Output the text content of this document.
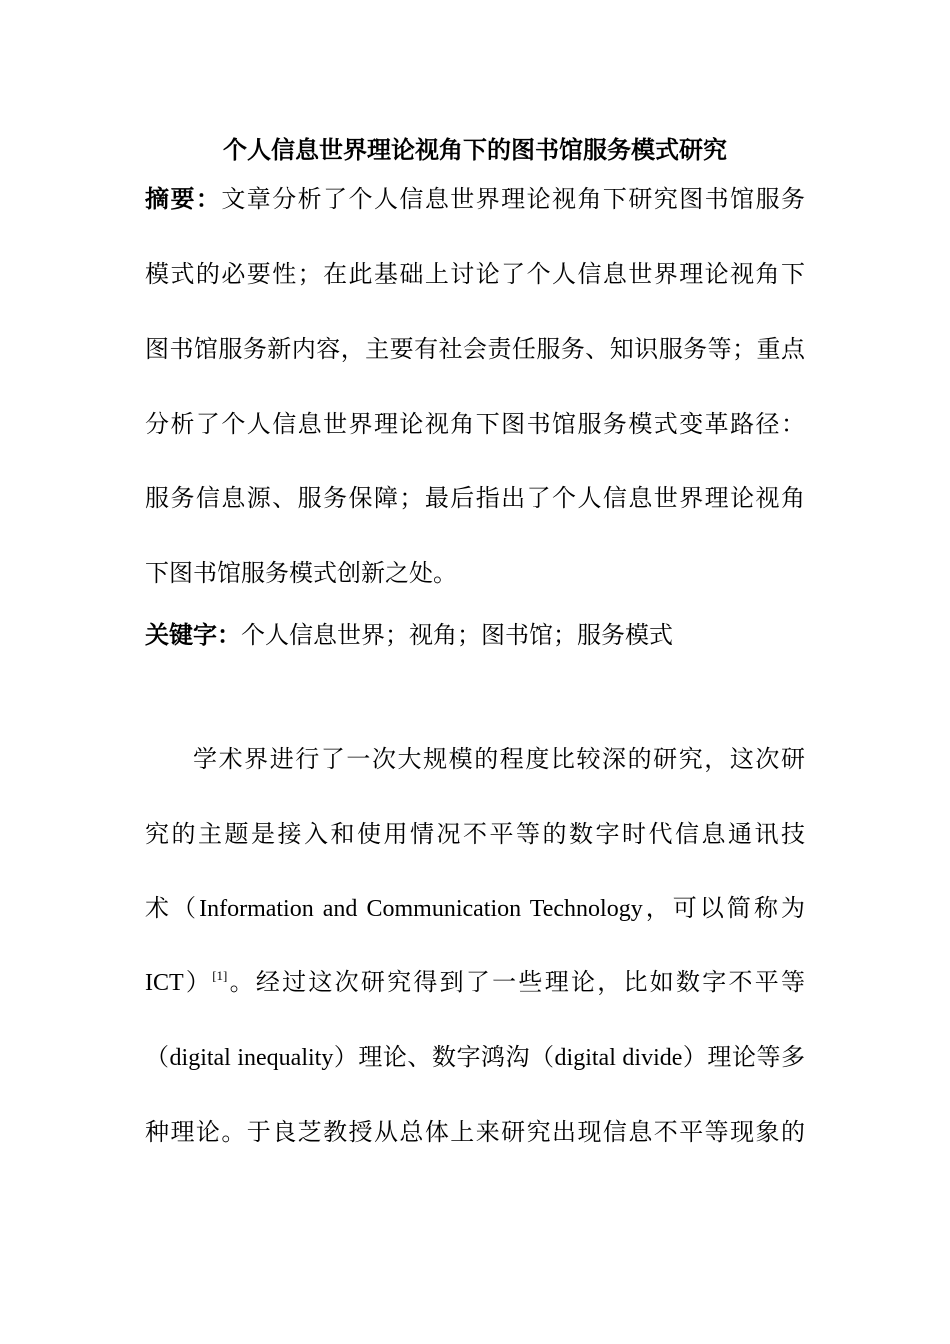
个人信息世界理论视角下的图书馆服务模式研究
摘要：文章分析了个人信息世界理论视角下研究图书馆服务
模式的必要性；在此基础上讨论了个人信息世界理论视角下
图书馆服务新内容，主要有社会责任服务、知识服务等；重点
分析了个人信息世界理论视角下图书馆服务模式变革路径：
服务信息源、服务保障；最后指出了个人信息世界理论视角
下图书馆服务模式创新之处。
关键字：个人信息世界；视角；图书馆；服务模式
学术界进行了一次大规模的程度比较深的研究，这次研
究的主题是接入和使用情况不平等的数字时代信息通讯技
术（Information and Communication Technology，可以简称为
ICT）[1]。经过这次研究得到了一些理论，比如数字不平等
（digital inequality）理论、数字鸿沟（digital divide）理论等多
种理论。于良芝教授从总体上来研究出现信息不平等现象的
